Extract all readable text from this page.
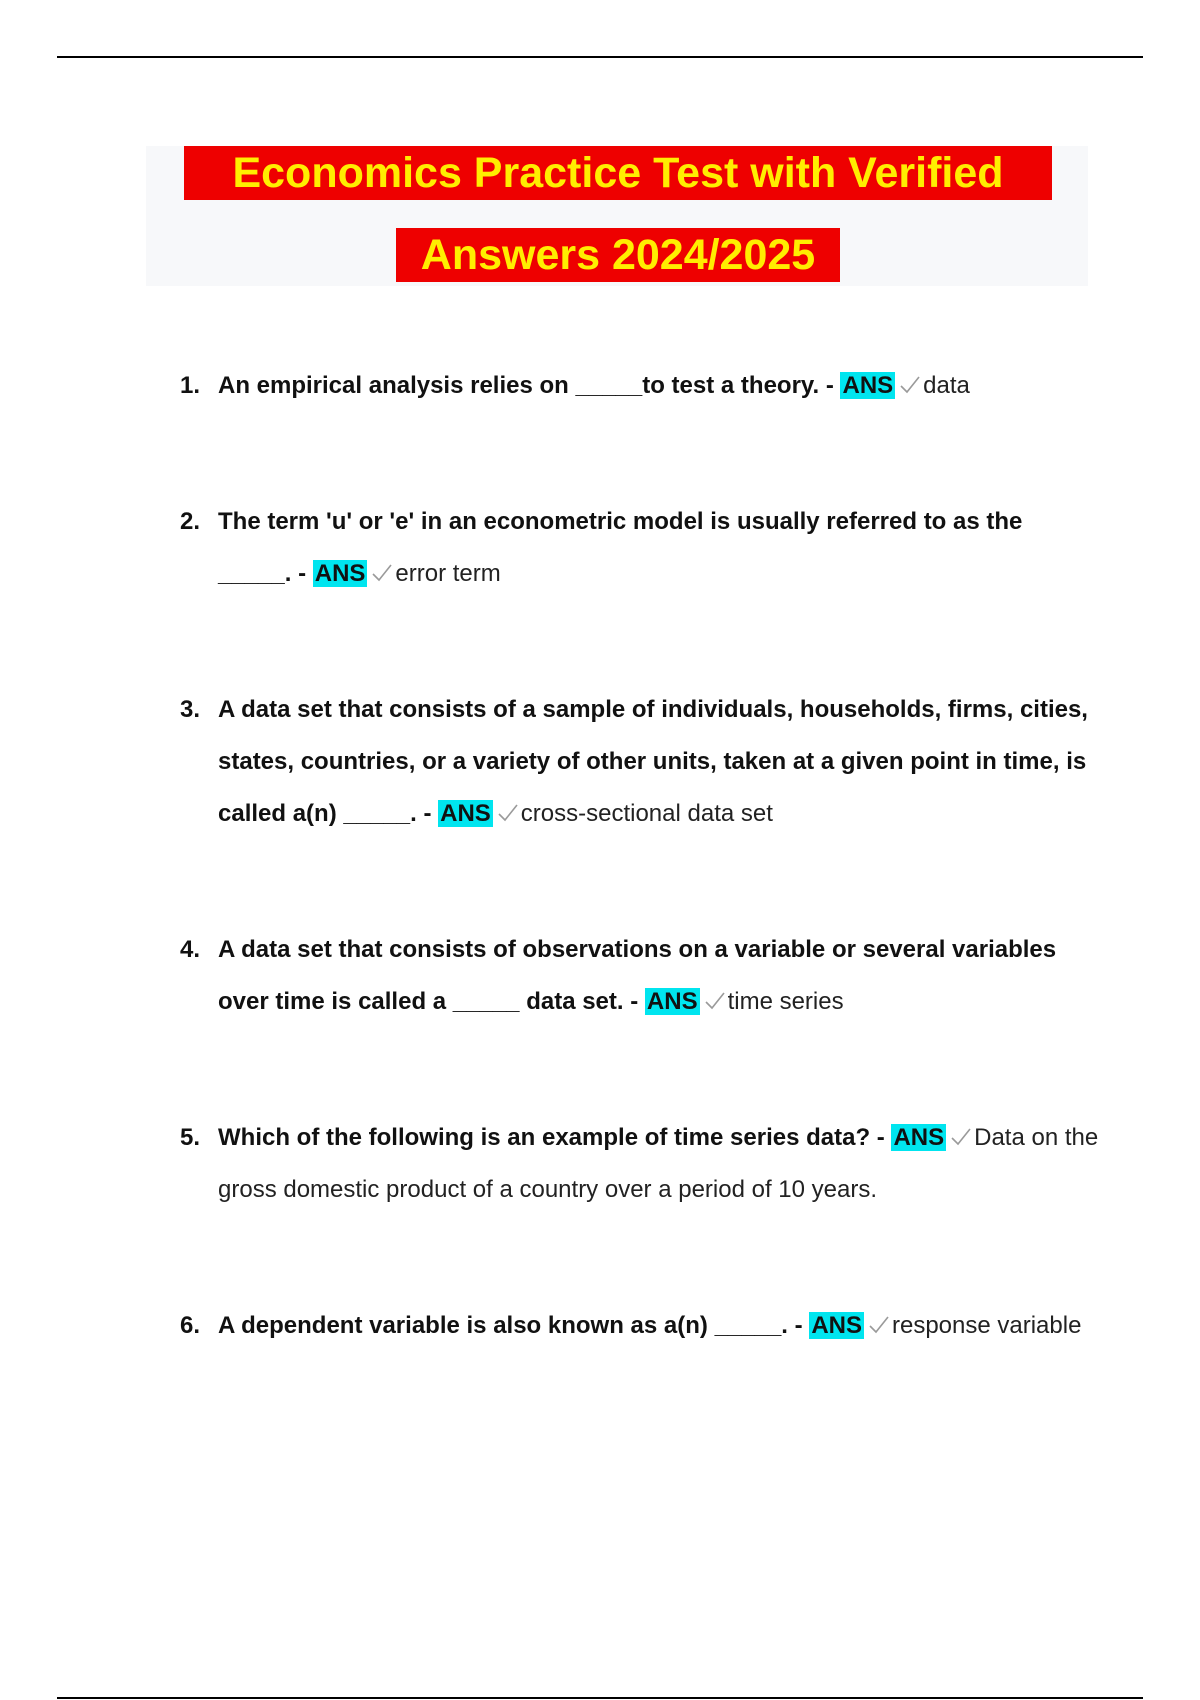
Economics Practice Test with Verified
Answers 2024/2025
1. An empirical analysis relies on _____to test a theory. - ANS data
2. The term 'u' or 'e' in an econometric model is usually referred to as the _____. - ANS error term
3. A data set that consists of a sample of individuals, households, firms, cities, states, countries, or a variety of other units, taken at a given point in time, is called a(n) _____. - ANS cross-sectional data set
4. A data set that consists of observations on a variable or several variables over time is called a _____ data set. - ANS time series
5. Which of the following is an example of time series data? - ANS Data on the gross domestic product of a country over a period of 10 years.
6. A dependent variable is also known as a(n) _____. - ANS response variable
